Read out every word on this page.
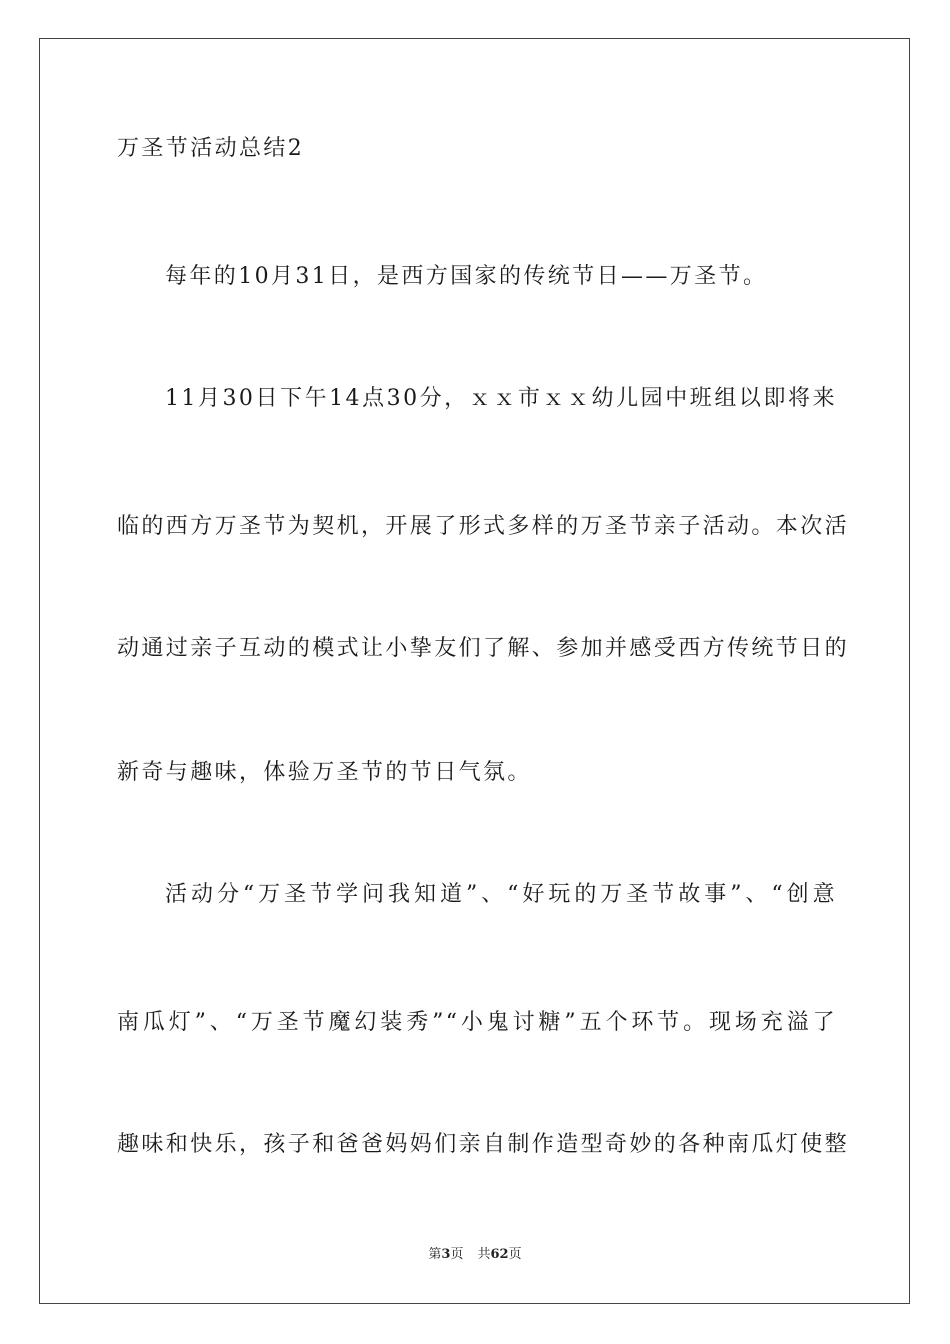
万圣节活动总结2
每年的10月31日，是西方国家的传统节日——万圣节。
11月30日下午14点30分，ｘｘ市ｘｘ幼儿园中班组以即将来
临的西方万圣节为契机，开展了形式多样的万圣节亲子活动。本次活
动通过亲子互动的模式让小挚友们了解、参加并感受西方传统节日的
新奇与趣味，体验万圣节的节日气氛。
活动分“万圣节学问我知道”、“好玩的万圣节故事”、“创意
南瓜灯”、“万圣节魔幻装秀”“小鬼讨糖”五个环节。现场充溢了
趣味和快乐，孩子和爸爸妈妈们亲自制作造型奇妙的各种南瓜灯使整
第3页 共62页
